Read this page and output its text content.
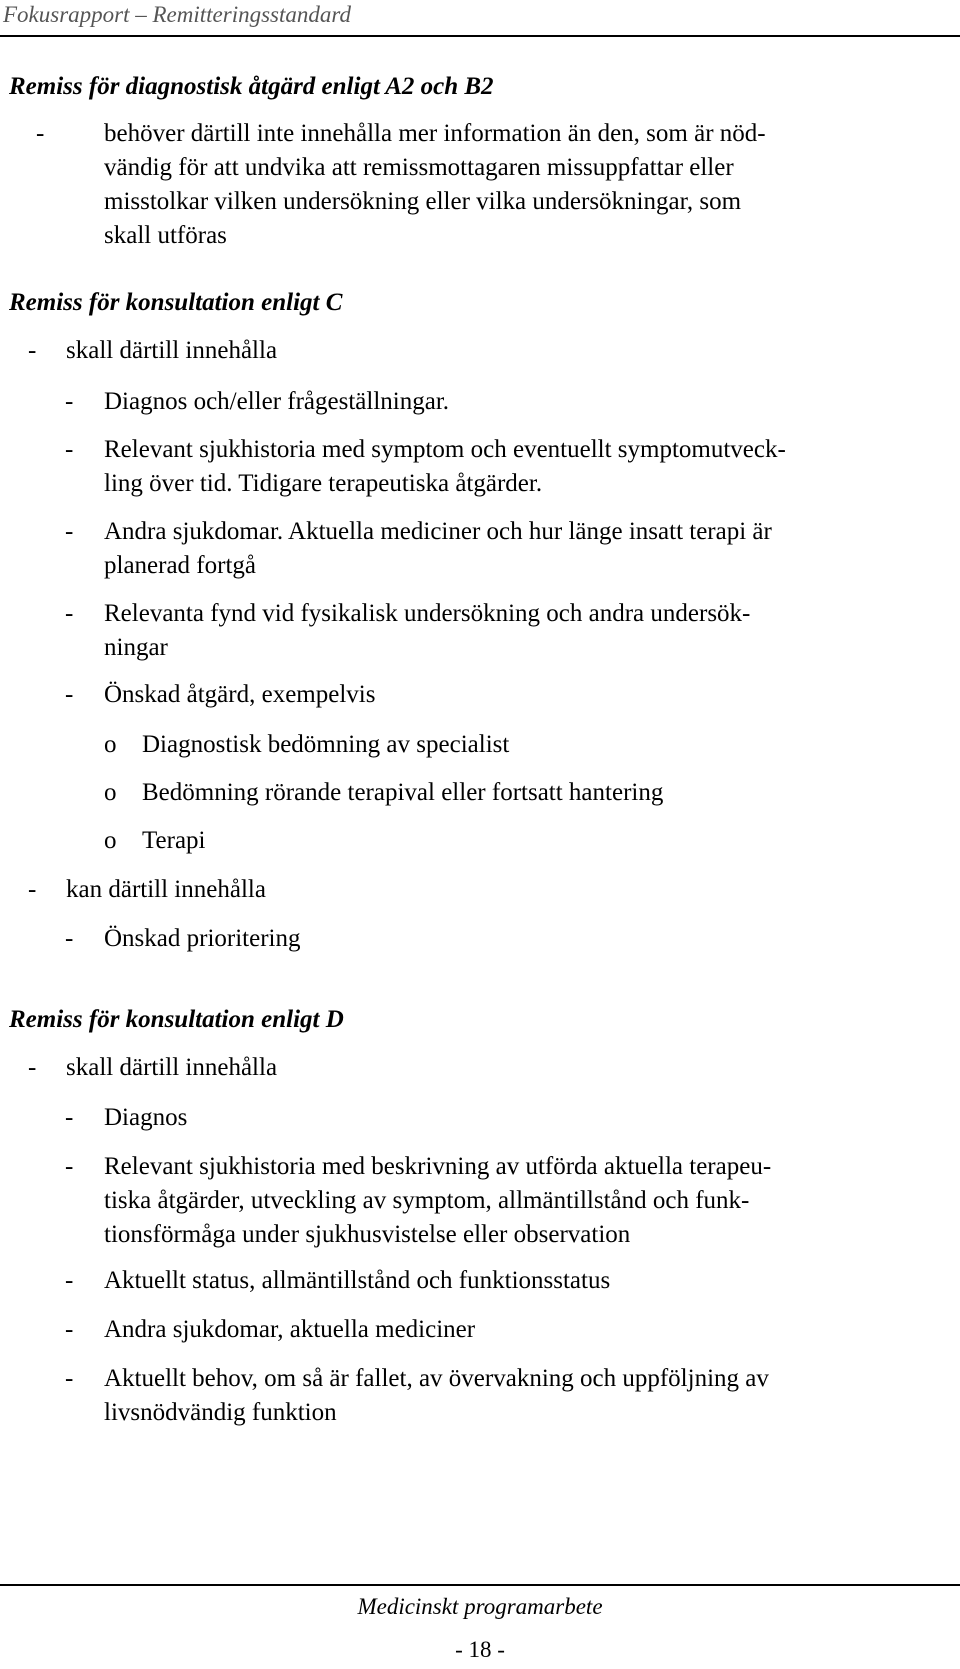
Fokusrapport – Remitteringsstandard
Remiss för diagnostisk åtgärd enligt A2 och B2
- behöver därtill inte innehålla mer information än den, som är nöd-
vändig för att undvika att remissmottagaren missuppfattar eller
misstolkar vilken undersökning eller vilka undersökningar, som
skall utföras
Remiss för konsultation enligt C
- skall därtill innehålla
- Diagnos och/eller frågeställningar.
- Relevant sjukhistoria med symptom och eventuellt symptomutveck-
ling över tid. Tidigare terapeutiska åtgärder.
- Andra sjukdomar. Aktuella mediciner och hur länge insatt terapi är
planerad fortgå
- Relevanta fynd vid fysikalisk undersökning och andra undersök-
ningar
- Önskad åtgärd, exempelvis
o Diagnostisk bedömning av specialist
o Bedömning rörande terapival eller fortsatt hantering
o Terapi
- kan därtill innehålla
- Önskad prioritering
Remiss för konsultation enligt D
- skall därtill innehålla
- Diagnos
- Relevant sjukhistoria med beskrivning av utförda aktuella terapeu-
tiska åtgärder, utveckling av symptom, allmäntillstånd och funk-
tionsförmåga under sjukhusvistelse eller observation
- Aktuellt status, allmäntillstånd och funktionsstatus
- Andra sjukdomar, aktuella mediciner
- Aktuellt behov, om så är fallet, av övervakning och uppföljning av
livsnödvändig funktion
Medicinskt programarbete
- 18 -
